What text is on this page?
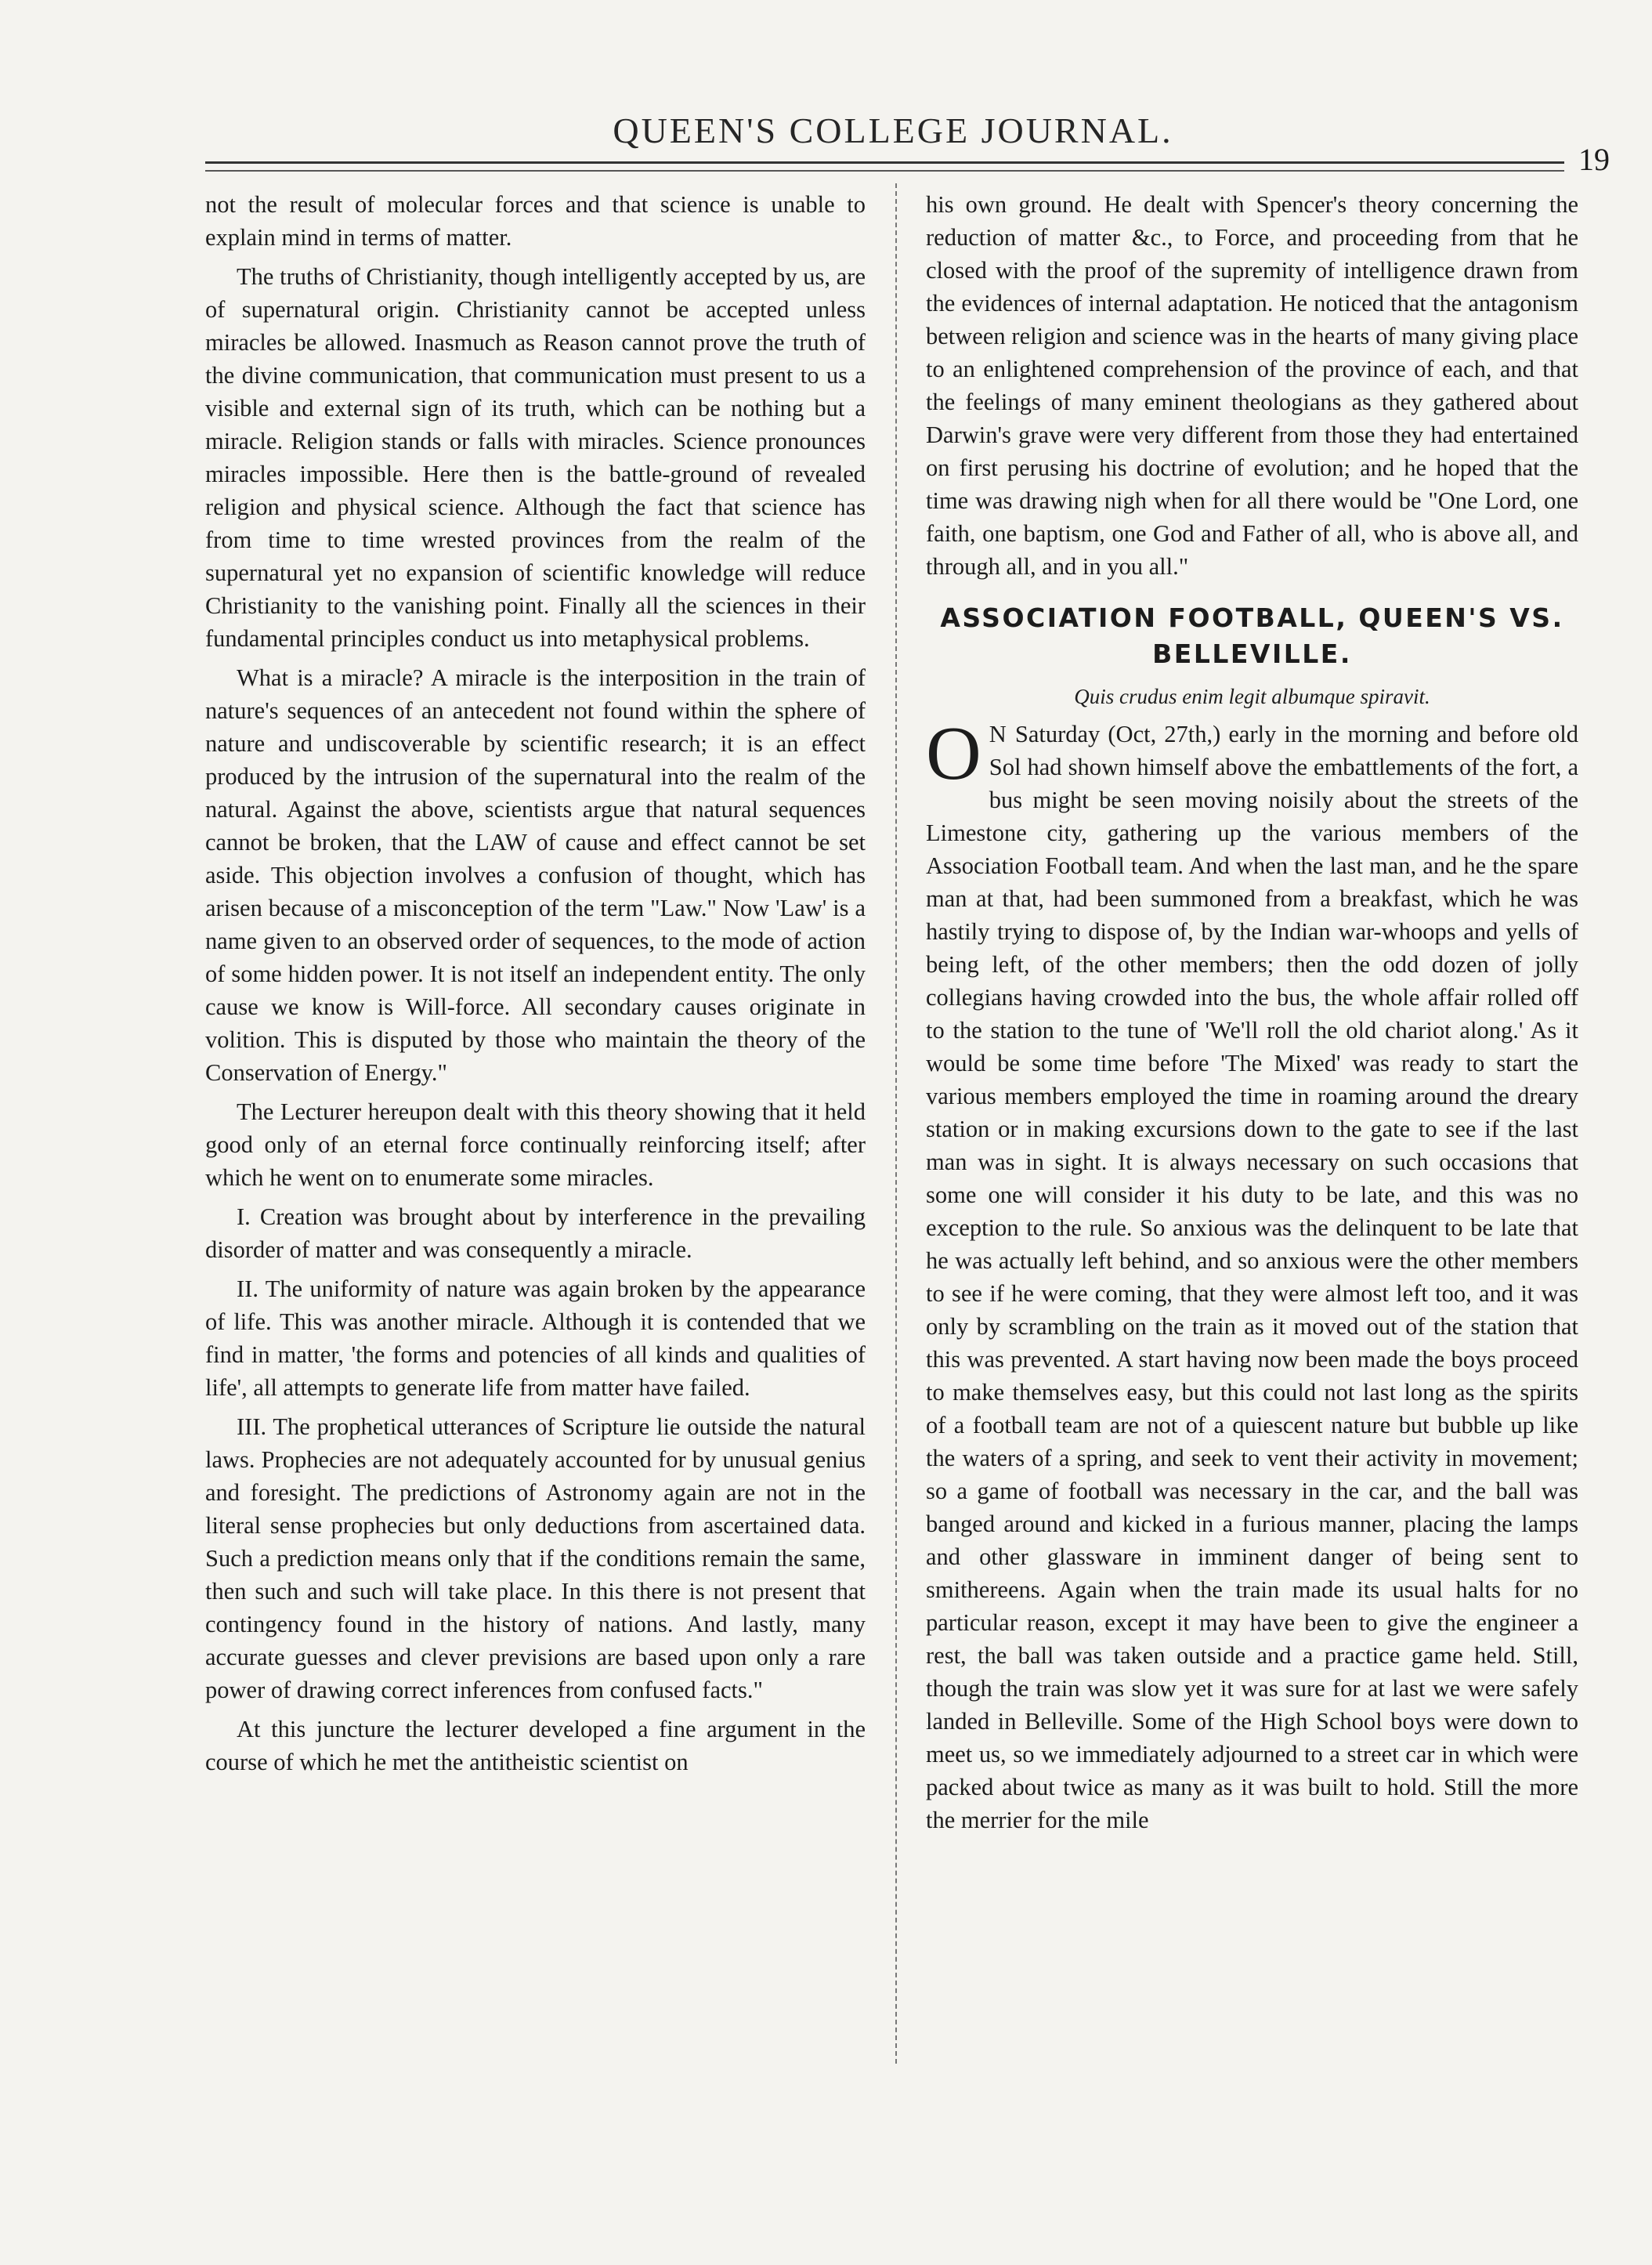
QUEEN'S COLLEGE JOURNAL.
19

not the result of molecular forces and that science is unable to explain mind in terms of matter.

The truths of Christianity, though intelligently accepted by us, are of supernatural origin. Christianity cannot be accepted unless miracles be allowed. Inasmuch as Reason cannot prove the truth of the divine communication, that communication must present to us a visible and external sign of its truth, which can be nothing but a miracle. Religion stands or falls with miracles. Science pronounces miracles impossible. Here then is the battle-ground of revealed religion and physical science. Although the fact that science has from time to time wrested provinces from the realm of the supernatural yet no expansion of scientific knowledge will reduce Christianity to the vanishing point. Finally all the sciences in their fundamental principles conduct us into metaphysical problems.

What is a miracle? A miracle is the interposition in the train of nature's sequences of an antecedent not found within the sphere of nature and undiscoverable by scientific research; it is an effect produced by the intrusion of the supernatural into the realm of the natural. Against the above, scientists argue that natural sequences cannot be broken, that the LAW of cause and effect cannot be set aside. This objection involves a confusion of thought, which has arisen because of a misconception of the term "Law." Now 'Law' is a name given to an observed order of sequences, to the mode of action of some hidden power. It is not itself an independent entity. The only cause we know is Will-force. All secondary causes originate in volition. This is disputed by those who maintain the theory of the Conservation of Energy."

The Lecturer hereupon dealt with this theory showing that it held good only of an eternal force continually reinforcing itself; after which he went on to enumerate some miracles.

I. Creation was brought about by interference in the prevailing disorder of matter and was consequently a miracle.

II. The uniformity of nature was again broken by the appearance of life. This was another miracle. Although it is contended that we find in matter, 'the forms and potencies of all kinds and qualities of life', all attempts to generate life from matter have failed.

III. The prophetical utterances of Scripture lie outside the natural laws. Prophecies are not adequately accounted for by unusual genius and foresight. The predictions of Astronomy again are not in the literal sense prophecies but only deductions from ascertained data. Such a prediction means only that if the conditions remain the same, then such and such will take place. In this there is not present that contingency found in the history of nations. And lastly, many accurate guesses and clever previsions are based upon only a rare power of drawing correct inferences from confused facts."

At this juncture the lecturer developed a fine argument in the course of which he met the antitheistic scientist on

his own ground. He dealt with Spencer's theory concerning the reduction of matter &c., to Force, and proceeding from that he closed with the proof of the supremity of intelligence drawn from the evidences of internal adaptation. He noticed that the antagonism between religion and science was in the hearts of many giving place to an enlightened comprehension of the province of each, and that the feelings of many eminent theologians as they gathered about Darwin's grave were very different from those they had entertained on first perusing his doctrine of evolution; and he hoped that the time was drawing nigh when for all there would be "One Lord, one faith, one baptism, one God and Father of all, who is above all, and through all, and in you all."

ASSOCIATION FOOTBALL, QUEEN'S VS. BELLEVILLE.
Quis crudus enim legit albumque spiravit.

O N Saturday (Oct, 27th,) early in the morning and before old Sol had shown himself above the embattlements of the fort, a bus might be seen moving noisily about the streets of the Limestone city, gathering up the various members of the Association Football team. And when the last man, and he the spare man at that, had been summoned from a breakfast, which he was hastily trying to dispose of, by the Indian war-whoops and yells of being left, of the other members; then the odd dozen of jolly collegians having crowded into the bus, the whole affair rolled off to the station to the tune of 'We'll roll the old chariot along.' As it would be some time before 'The Mixed' was ready to start the various members employed the time in roaming around the dreary station or in making excursions down to the gate to see if the last man was in sight. It is always necessary on such occasions that some one will consider it his duty to be late, and this was no exception to the rule. So anxious was the delinquent to be late that he was actually left behind, and so anxious were the other members to see if he were coming, that they were almost left too, and it was only by scrambling on the train as it moved out of the station that this was prevented. A start having now been made the boys proceed to make themselves easy, but this could not last long as the spirits of a football team are not of a quiescent nature but bubble up like the waters of a spring, and seek to vent their activity in movement; so a game of football was necessary in the car, and the ball was banged around and kicked in a furious manner, placing the lamps and other glassware in imminent danger of being sent to smithereens. Again when the train made its usual halts for no particular reason, except it may have been to give the engineer a rest, the ball was taken outside and a practice game held. Still, though the train was slow yet it was sure for at last we were safely landed in Belleville. Some of the High School boys were down to meet us, so we immediately adjourned to a street car in which were packed about twice as many as it was built to hold. Still the more the merrier for the mile
